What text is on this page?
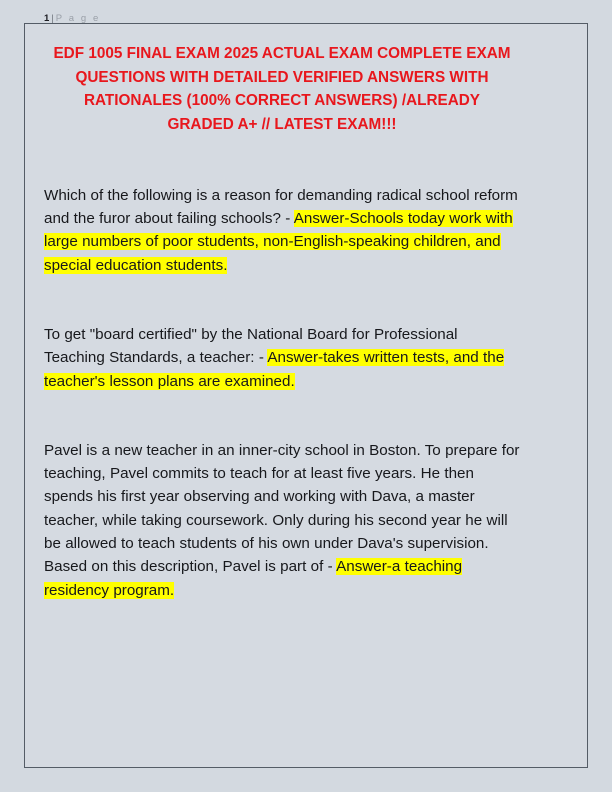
1 | P a g e
EDF 1005 FINAL EXAM 2025 ACTUAL EXAM COMPLETE EXAM QUESTIONS WITH DETAILED VERIFIED ANSWERS WITH RATIONALES (100% CORRECT ANSWERS) /ALREADY GRADED A+ // LATEST EXAM!!!

Which of the following is a reason for demanding radical school reform and the furor about failing schools? - Answer-Schools today work with large numbers of poor students, non-English-speaking children, and special education students.

To get "board certified" by the National Board for Professional Teaching Standards, a teacher: - Answer-takes written tests, and the teacher's lesson plans are examined.

Pavel is a new teacher in an inner-city school in Boston. To prepare for teaching, Pavel commits to teach for at least five years. He then spends his first year observing and working with Dava, a master teacher, while taking coursework. Only during his second year he will be allowed to teach students of his own under Dava's supervision. Based on this description, Pavel is part of - Answer-a teaching residency program.
